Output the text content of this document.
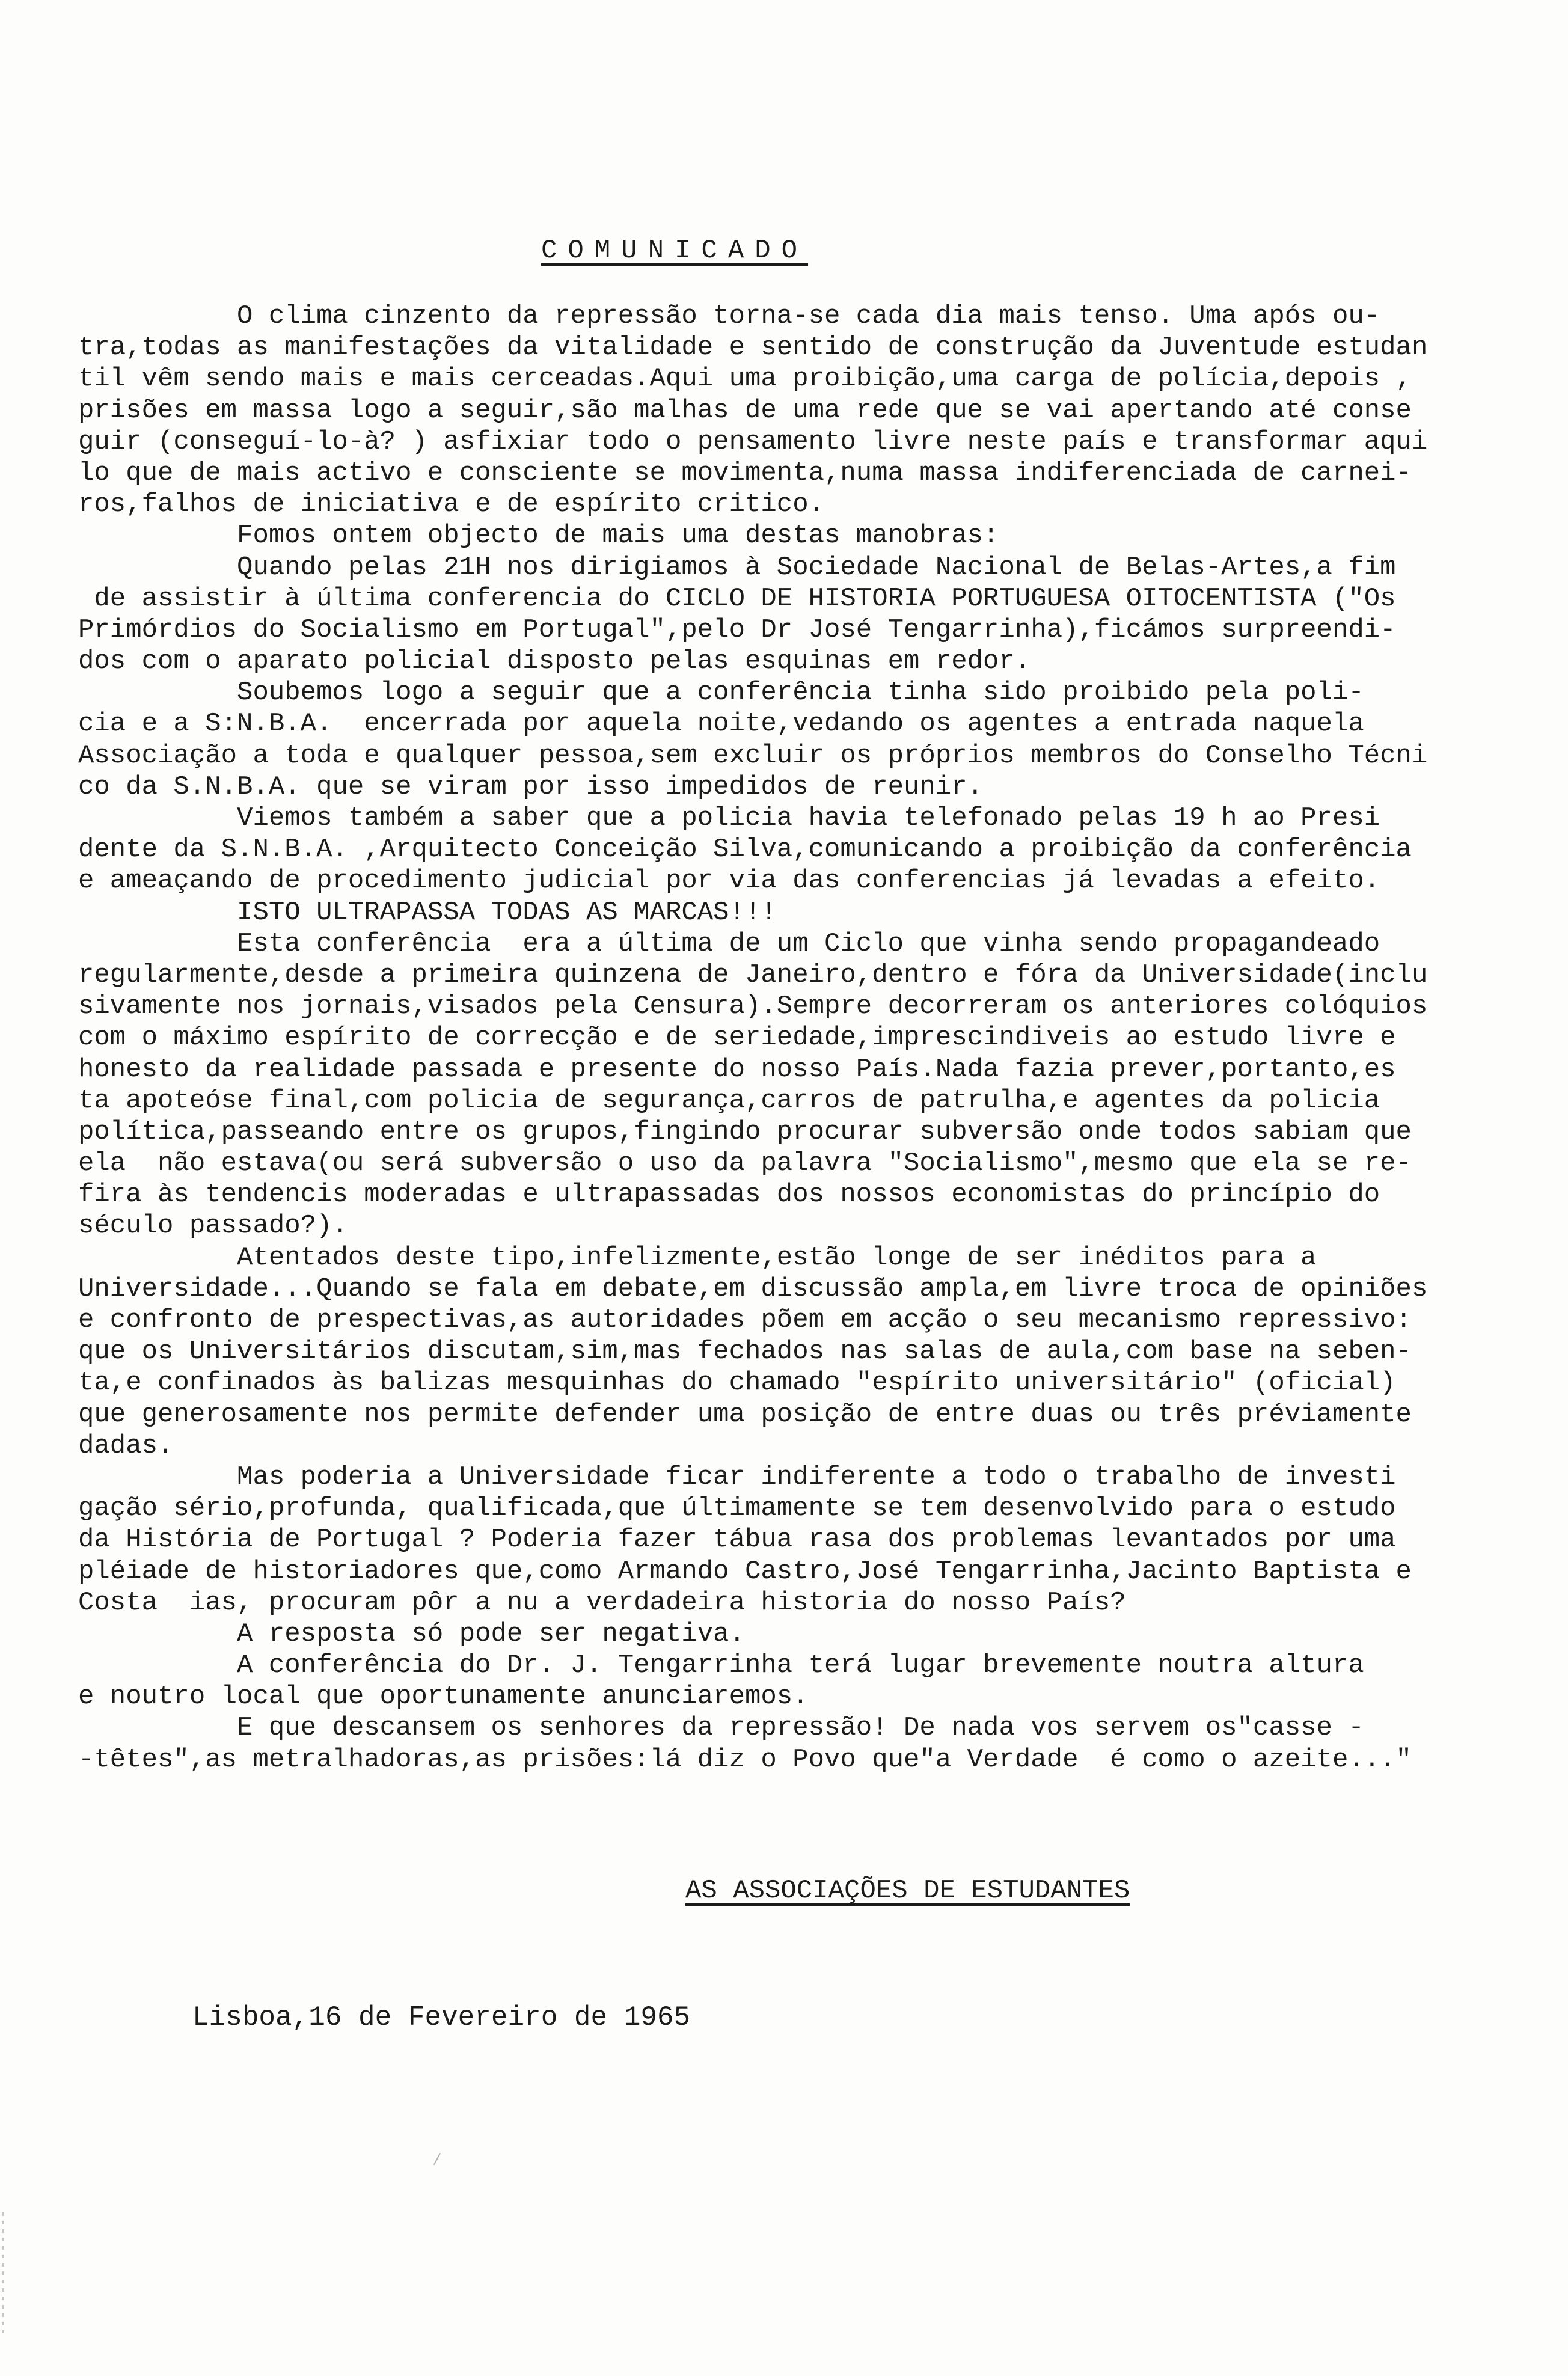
COMUNICADO
O clima cinzento da repressão torna-se cada dia mais tenso. Uma após ou-
tra,todas as manifestações da vitalidade e sentido de construção da Juventude estudan
til vêm sendo mais e mais cerceadas.Aqui uma proibição,uma carga de polícia,depois ,
prisões em massa logo a seguir,são malhas de uma rede que se vai apertando até conse
guir (conseguí-lo-à? ) asfixiar todo o pensamento livre neste país e transformar aqui
lo que de mais activo e consciente se movimenta,numa massa indiferenciada de carnei-
ros,falhos de iniciativa e de espírito critico.
Fomos ontem objecto de mais uma destas manobras:
Quando pelas 21H nos dirigiamos à Sociedade Nacional de Belas-Artes,a fim
de assistir à última conferencia do CICLO DE HISTORIA PORTUGUESA OITOCENTISTA ("Os
Primórdios do Socialismo em Portugal",pelo Dr José Tengarrinha),ficámos surpreendi-
dos com o aparato policial disposto pelas esquinas em redor.
Soubemos logo a seguir que a conferência tinha sido proibido pela poli-
cia e a S:N.B.A.  encerrada por aquela noite,vedando os agentes a entrada naquela
Associação a toda e qualquer pessoa,sem excluir os próprios membros do Conselho Técni
co da S.N.B.A. que se viram por isso impedidos de reunir.
Viemos também a saber que a policia havia telefonado pelas 19 h ao Presi
dente da S.N.B.A. ,Arquitecto Conceição Silva,comunicando a proibição da conferência
e ameaçando de procedimento judicial por via das conferencias já levadas a efeito.
ISTO ULTRAPASSA TODAS AS MARCAS!!!
Esta conferência  era a última de um Ciclo que vinha sendo propagandeado
regularmente,desde a primeira quinzena de Janeiro,dentro e fóra da Universidade(inclu
sivamente nos jornais,visados pela Censura).Sempre decorreram os anteriores colóquios
com o máximo espírito de correcção e de seriedade,imprescindiveis ao estudo livre e
honesto da realidade passada e presente do nosso País.Nada fazia prever,portanto,es
ta apoteóse final,com policia de segurança,carros de patrulha,e agentes da policia
política,passeando entre os grupos,fingindo procurar subversão onde todos sabiam que
ela  não estava(ou será subversão o uso da palavra "Socialismo",mesmo que ela se re-
fira às tendencis moderadas e ultrapassadas dos nossos economistas do princípio do
século passado?).
Atentados deste tipo,infelizmente,estão longe de ser inéditos para a
Universidade...Quando se fala em debate,em discussão ampla,em livre troca de opiniões
e confronto de prespectivas,as autoridades põem em acção o seu mecanismo repressivo:
que os Universitários discutam,sim,mas fechados nas salas de aula,com base na seben-
ta,e confinados às balizas mesquinhas do chamado "espírito universitário" (oficial)
que generosamente nos permite defender uma posição de entre duas ou três préviamente
dadas.
Mas poderia a Universidade ficar indiferente a todo o trabalho de investi
gação sério,profunda, qualificada,que últimamente se tem desenvolvido para o estudo
da História de Portugal ? Poderia fazer tábua rasa dos problemas levantados por uma
pléiade de historiadores que,como Armando Castro,José Tengarrinha,Jacinto Baptista e
Costa  ias, procuram pôr a nu a verdadeira historia do nosso País?
A resposta só pode ser negativa.
A conferência do Dr. J. Tengarrinha terá lugar brevemente noutra altura
e noutro local que oportunamente anunciaremos.
E que descansem os senhores da repressão! De nada vos servem os"casse -
-têtes",as metralhadoras,as prisões:lá diz o Povo que"a Verdade  é como o azeite..."
AS ASSOCIAÇÕES DE ESTUDANTES
Lisboa,16 de Fevereiro de 1965
